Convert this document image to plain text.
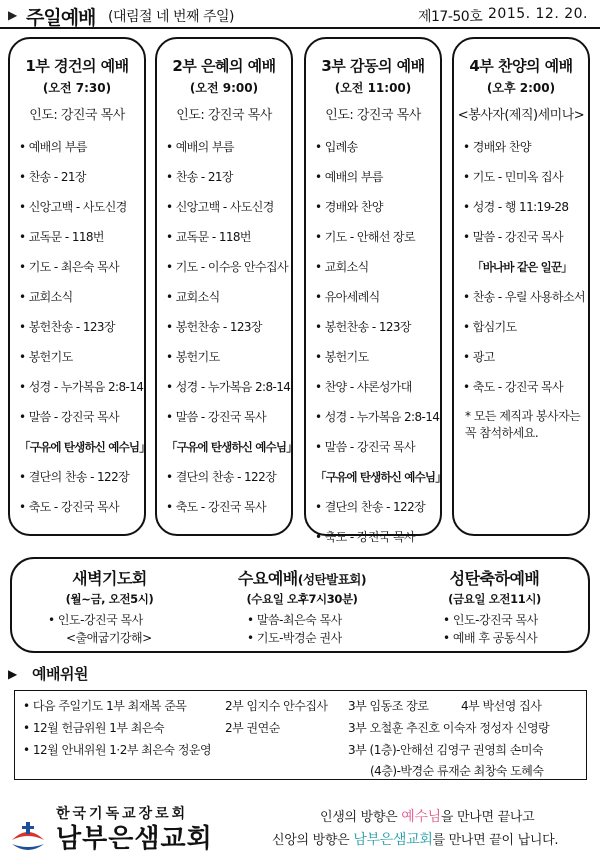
▶ 주일예배 (대림절 네 번째 주일)	제17-50호 2015. 12. 20.
1부 경건의 예배
(오전 7:30)
인도: 강진국 목사
• 예배의 부름
• 찬송 - 21장
• 신앙고백 - 사도신경
• 교독문 - 118번
• 기도 - 최은숙 목사
• 교회소식
• 봉헌찬송 - 123장
• 봉헌기도
• 성경 - 누가복음 2:8-14
• 말씀 - 강진국 목사
「구유에 탄생하신 예수님」
• 결단의 찬송 - 122장
• 축도 - 강진국 목사
2부 은혜의 예배
(오전 9:00)
인도: 강진국 목사
• 예배의 부름
• 찬송 - 21장
• 신앙고백 - 사도신경
• 교독문 - 118번
• 기도 - 이수응 안수집사
• 교회소식
• 봉헌찬송 - 123장
• 봉헌기도
• 성경 - 누가복음 2:8-14
• 말씀 - 강진국 목사
「구유에 탄생하신 예수님」
• 결단의 찬송 - 122장
• 축도 - 강진국 목사
3부 감동의 예배
(오전 11:00)
인도: 강진국 목사
• 입례송
• 예배의 부름
• 경배와 찬양
• 기도 - 안해선 장로
• 교회소식
• 유아세례식
• 봉헌찬송 - 123장
• 봉헌기도
• 찬양 - 샤론성가대
• 성경 - 누가복음 2:8-14
• 말씀 - 강진국 목사
「구유에 탄생하신 예수님」
• 결단의 찬송 - 122장
• 축도 - 강진국 목사
4부 찬양의 예배
(오후 2:00)
<봉사자(제직)세미나>
• 경배와 찬양
• 기도 - 민미옥 집사
• 성경 - 행 11:19-28
• 말씀 - 강진국 목사
「바나바 같은 일꾼」
• 찬송 - 우릴 사용하소서
• 합심기도
• 광고
• 축도 - 강진국 목사
* 모든 제직과 봉사자는 꼭 참석하세요.
새벽기도회
(월~금, 오전5시)
• 인도-강진국 목사
<출애굽기강해>
수요예배(성탄발표회)
(수요일 오후7시30분)
• 말씀-최은숙 목사
• 기도-박경순 권사
성탄축하예배
(금요일 오전11시)
• 인도-강진국 목사
• 예배 후 공동식사
▶ 예배위원
• 다음 주일기도 1부 최재복 준목	2부 임지수 안수집사 3부 임동조 장로	4부 박선영 집사
• 12월 헌금위원 1부 최은숙	2부 권연순	3부 오철훈 추진호 이숙자 정성자 신영랑
• 12월 안내위원 1·2부 최은숙 정운영	3부 (1층)-안해선 김영구 권영희 손미숙
(4층)-박경순 류재순 최창숙 도혜숙
한국기독교장로회
남부은샘교회
인생의 방향은 예수님을 만나면 끝나고
신앙의 방향은 남부은샘교회를 만나면 끝이 납니다.
